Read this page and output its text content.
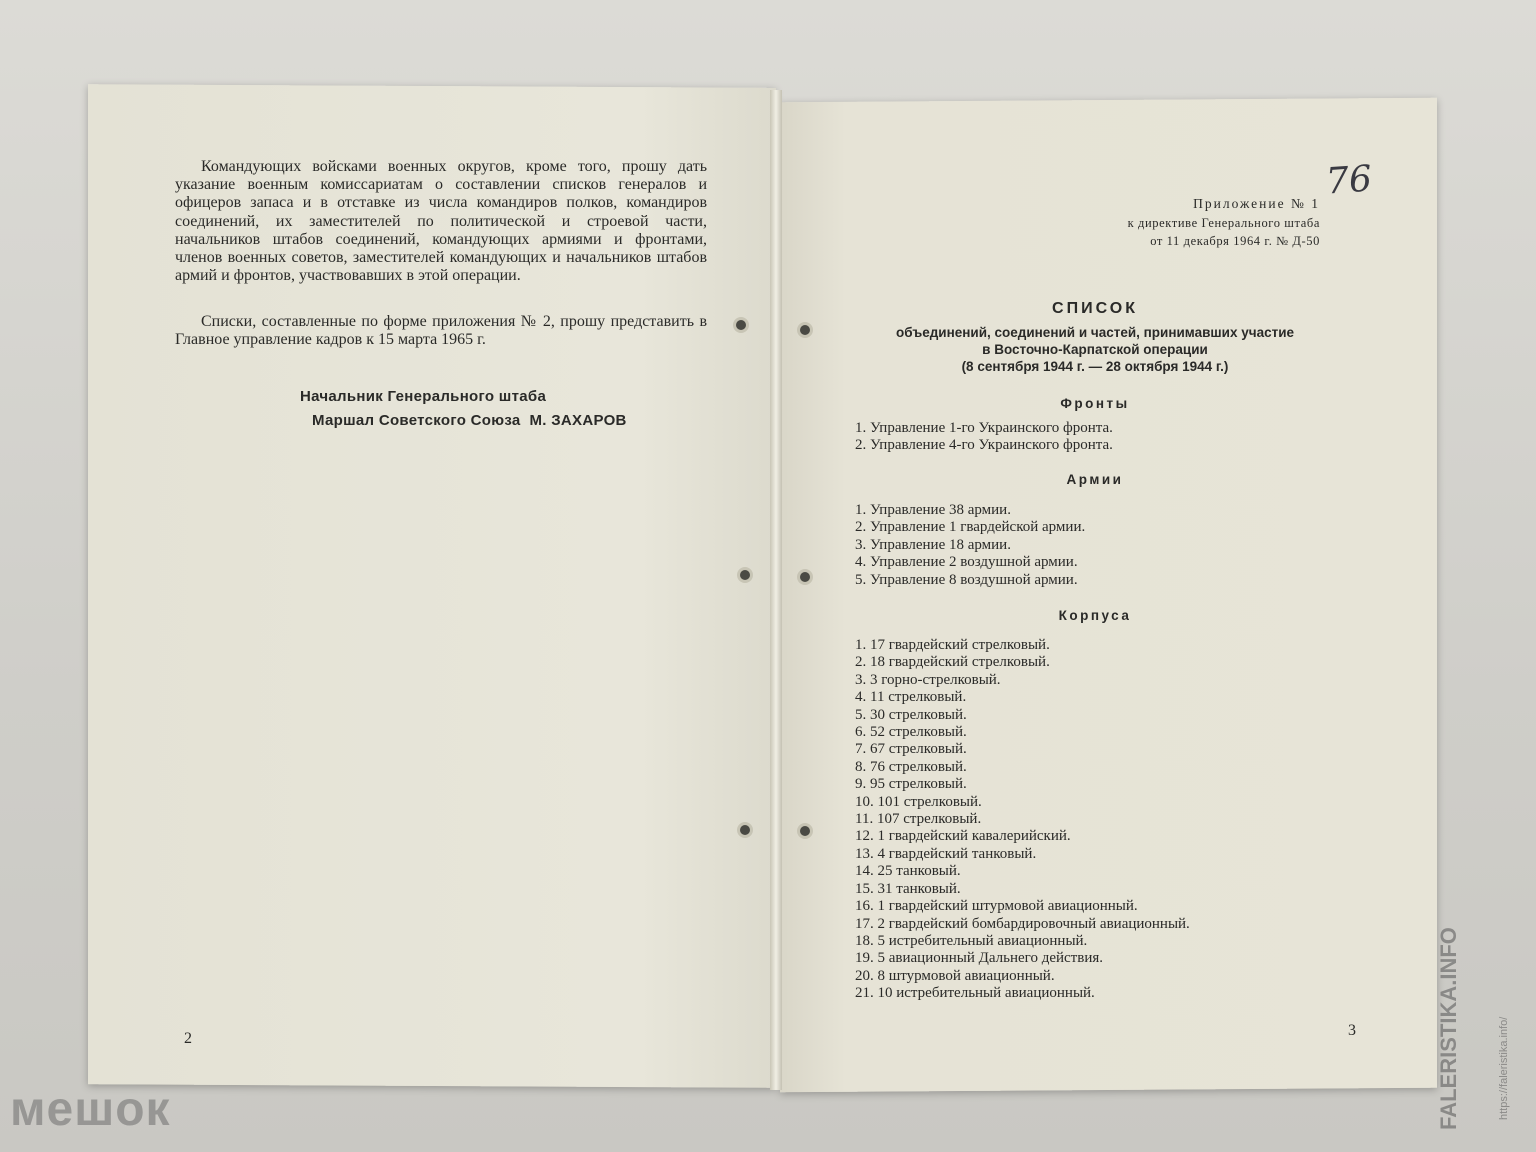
Командующих войсками военных округов, кроме того, прошу дать указание военным комиссариатам о составлении списков генералов и офицеров запаса и в отставке из числа командиров полков, командиров соединений, их заместителей по политической и строевой части, начальников штабов соединений, командующих армиями и фронтами, членов военных советов, заместителей командующих и начальников штабов армий и фронтов, участвовавших в этой операции.
Списки, составленные по форме приложения № 2, прошу представить в Главное управление кадров к 15 марта 1965 г.
Начальник Генерального штаба
Маршал Советского Союза  М. ЗАХАРОВ
2
76
Приложение № 1
к директиве Генерального штаба
от 11 декабря 1964 г. № Д-50
СПИСОК
объединений, соединений и частей, принимавших участие
в Восточно-Карпатской операции
(8 сентября 1944 г. — 28 октября 1944 г.)
Фронты
1. Управление 1-го Украинского фронта.
2. Управление 4-го Украинского фронта.
Армии
1. Управление 38 армии.
2. Управление 1 гвардейской армии.
3. Управление 18 армии.
4. Управление 2 воздушной армии.
5. Управление 8 воздушной армии.
Корпуса
1. 17 гвардейский стрелковый.
2. 18 гвардейский стрелковый.
3. 3 горно-стрелковый.
4. 11 стрелковый.
5. 30 стрелковый.
6. 52 стрелковый.
7. 67 стрелковый.
8. 76 стрелковый.
9. 95 стрелковый.
10. 101 стрелковый.
11. 107 стрелковый.
12. 1 гвардейский кавалерийский.
13. 4 гвардейский танковый.
14. 25 танковый.
15. 31 танковый.
16. 1 гвардейский штурмовой авиационный.
17. 2 гвардейский бомбардировочный авиационный.
18. 5 истребительный авиационный.
19. 5 авиационный Дальнего действия.
20. 8 штурмовой авиационный.
21. 10 истребительный авиационный.
3
мешок	FALERISTIKA.INFO	https://faleristika.info/
